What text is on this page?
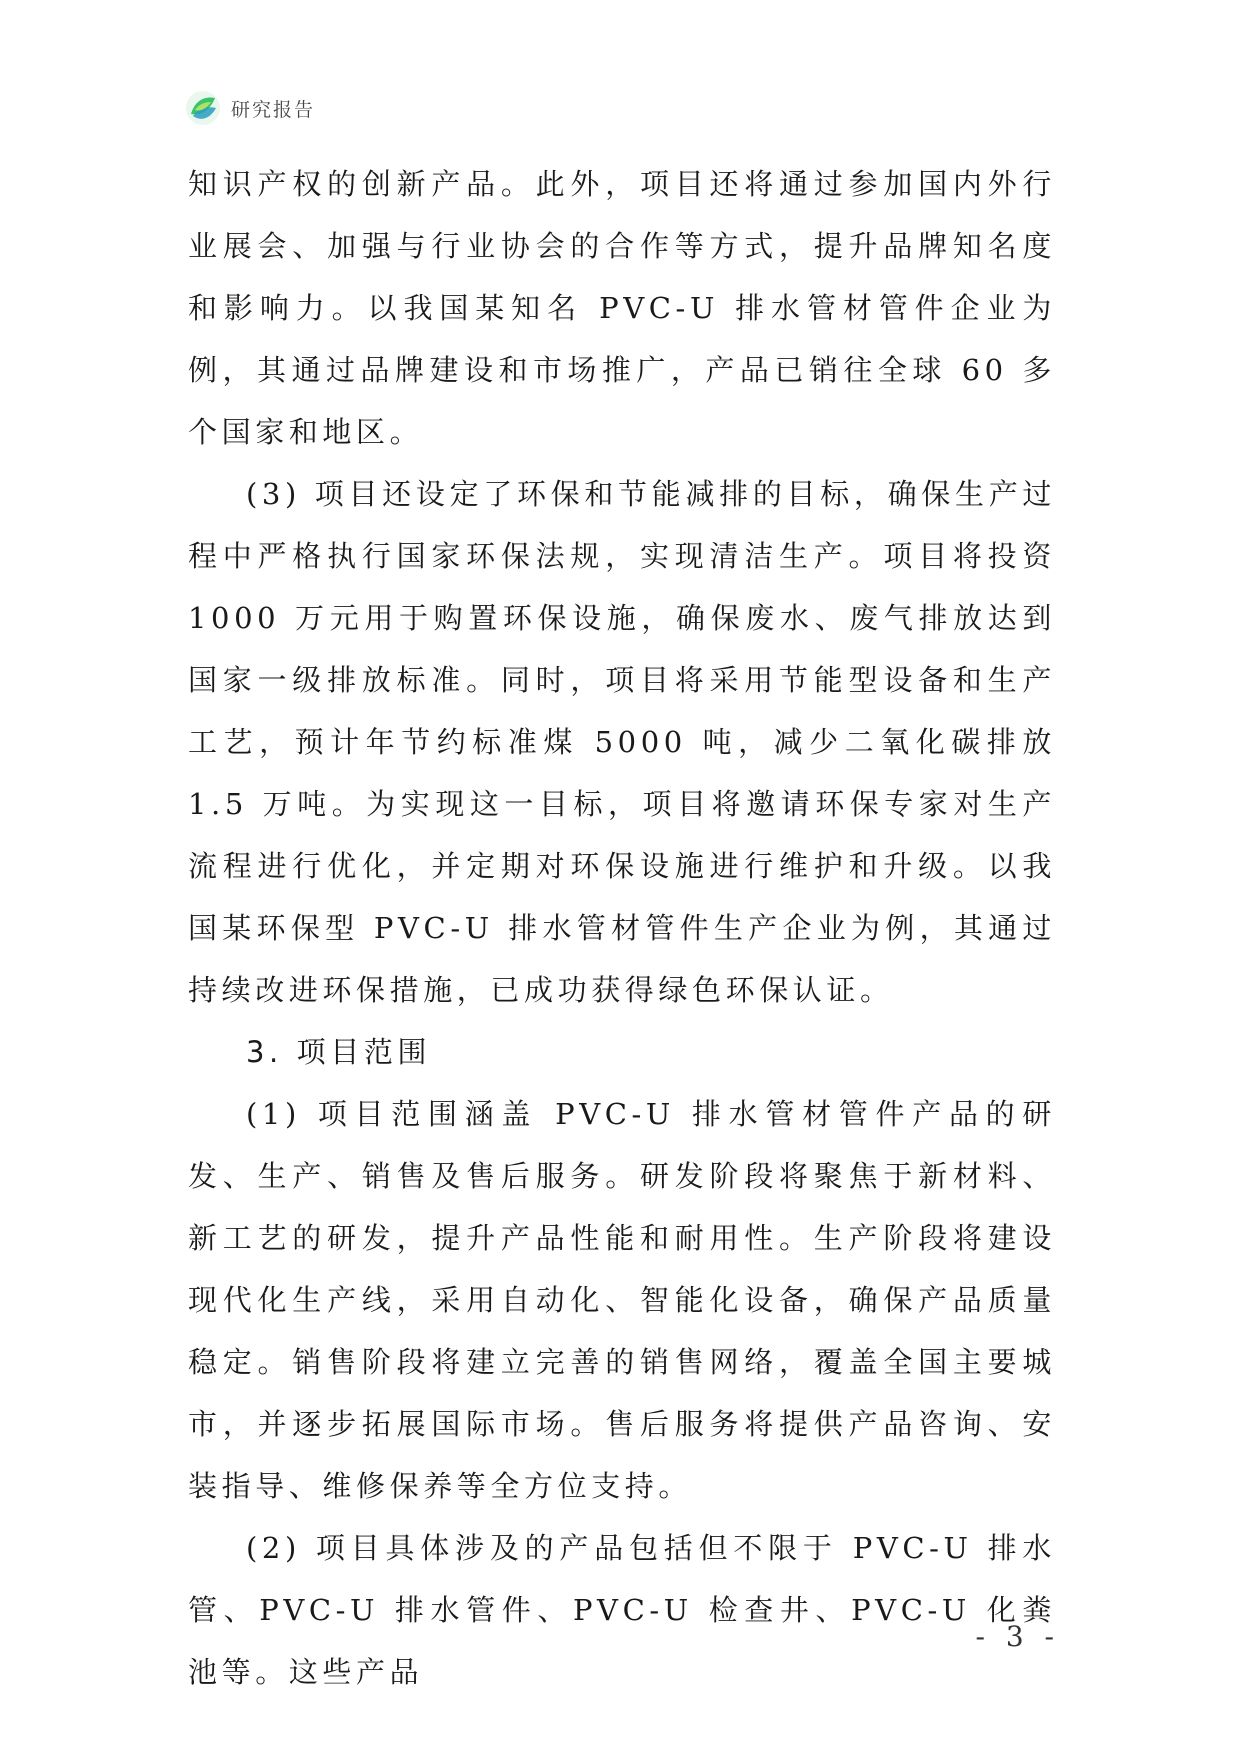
研究报告

知识产权的创新产品。此外，项目还将通过参加国内外行业展会、加强与行业协会的合作等方式，提升品牌知名度和影响力。以我国某知名 PVC-U 排水管材管件企业为例，其通过品牌建设和市场推广，产品已销往全球 60 多个国家和地区。

(3) 项目还设定了环保和节能减排的目标，确保生产过程中严格执行国家环保法规，实现清洁生产。项目将投资 1000 万元用于购置环保设施，确保废水、废气排放达到国家一级排放标准。同时，项目将采用节能型设备和生产工艺，预计年节约标准煤 5000 吨，减少二氧化碳排放 1.5 万吨。为实现这一目标，项目将邀请环保专家对生产流程进行优化，并定期对环保设施进行维护和升级。以我国某环保型 PVC-U 排水管材管件生产企业为例，其通过持续改进环保措施，已成功获得绿色环保认证。

3. 项目范围

(1) 项目范围涵盖 PVC-U 排水管材管件产品的研发、生产、销售及售后服务。研发阶段将聚焦于新材料、新工艺的研发，提升产品性能和耐用性。生产阶段将建设现代化生产线，采用自动化、智能化设备，确保产品质量稳定。销售阶段将建立完善的销售网络，覆盖全国主要城市，并逐步拓展国际市场。售后服务将提供产品咨询、安装指导、维修保养等全方位支持。

(2) 项目具体涉及的产品包括但不限于 PVC-U 排水管、PVC-U 排水管件、PVC-U 检查井、PVC-U 化粪池等。这些产品

- 3 -
